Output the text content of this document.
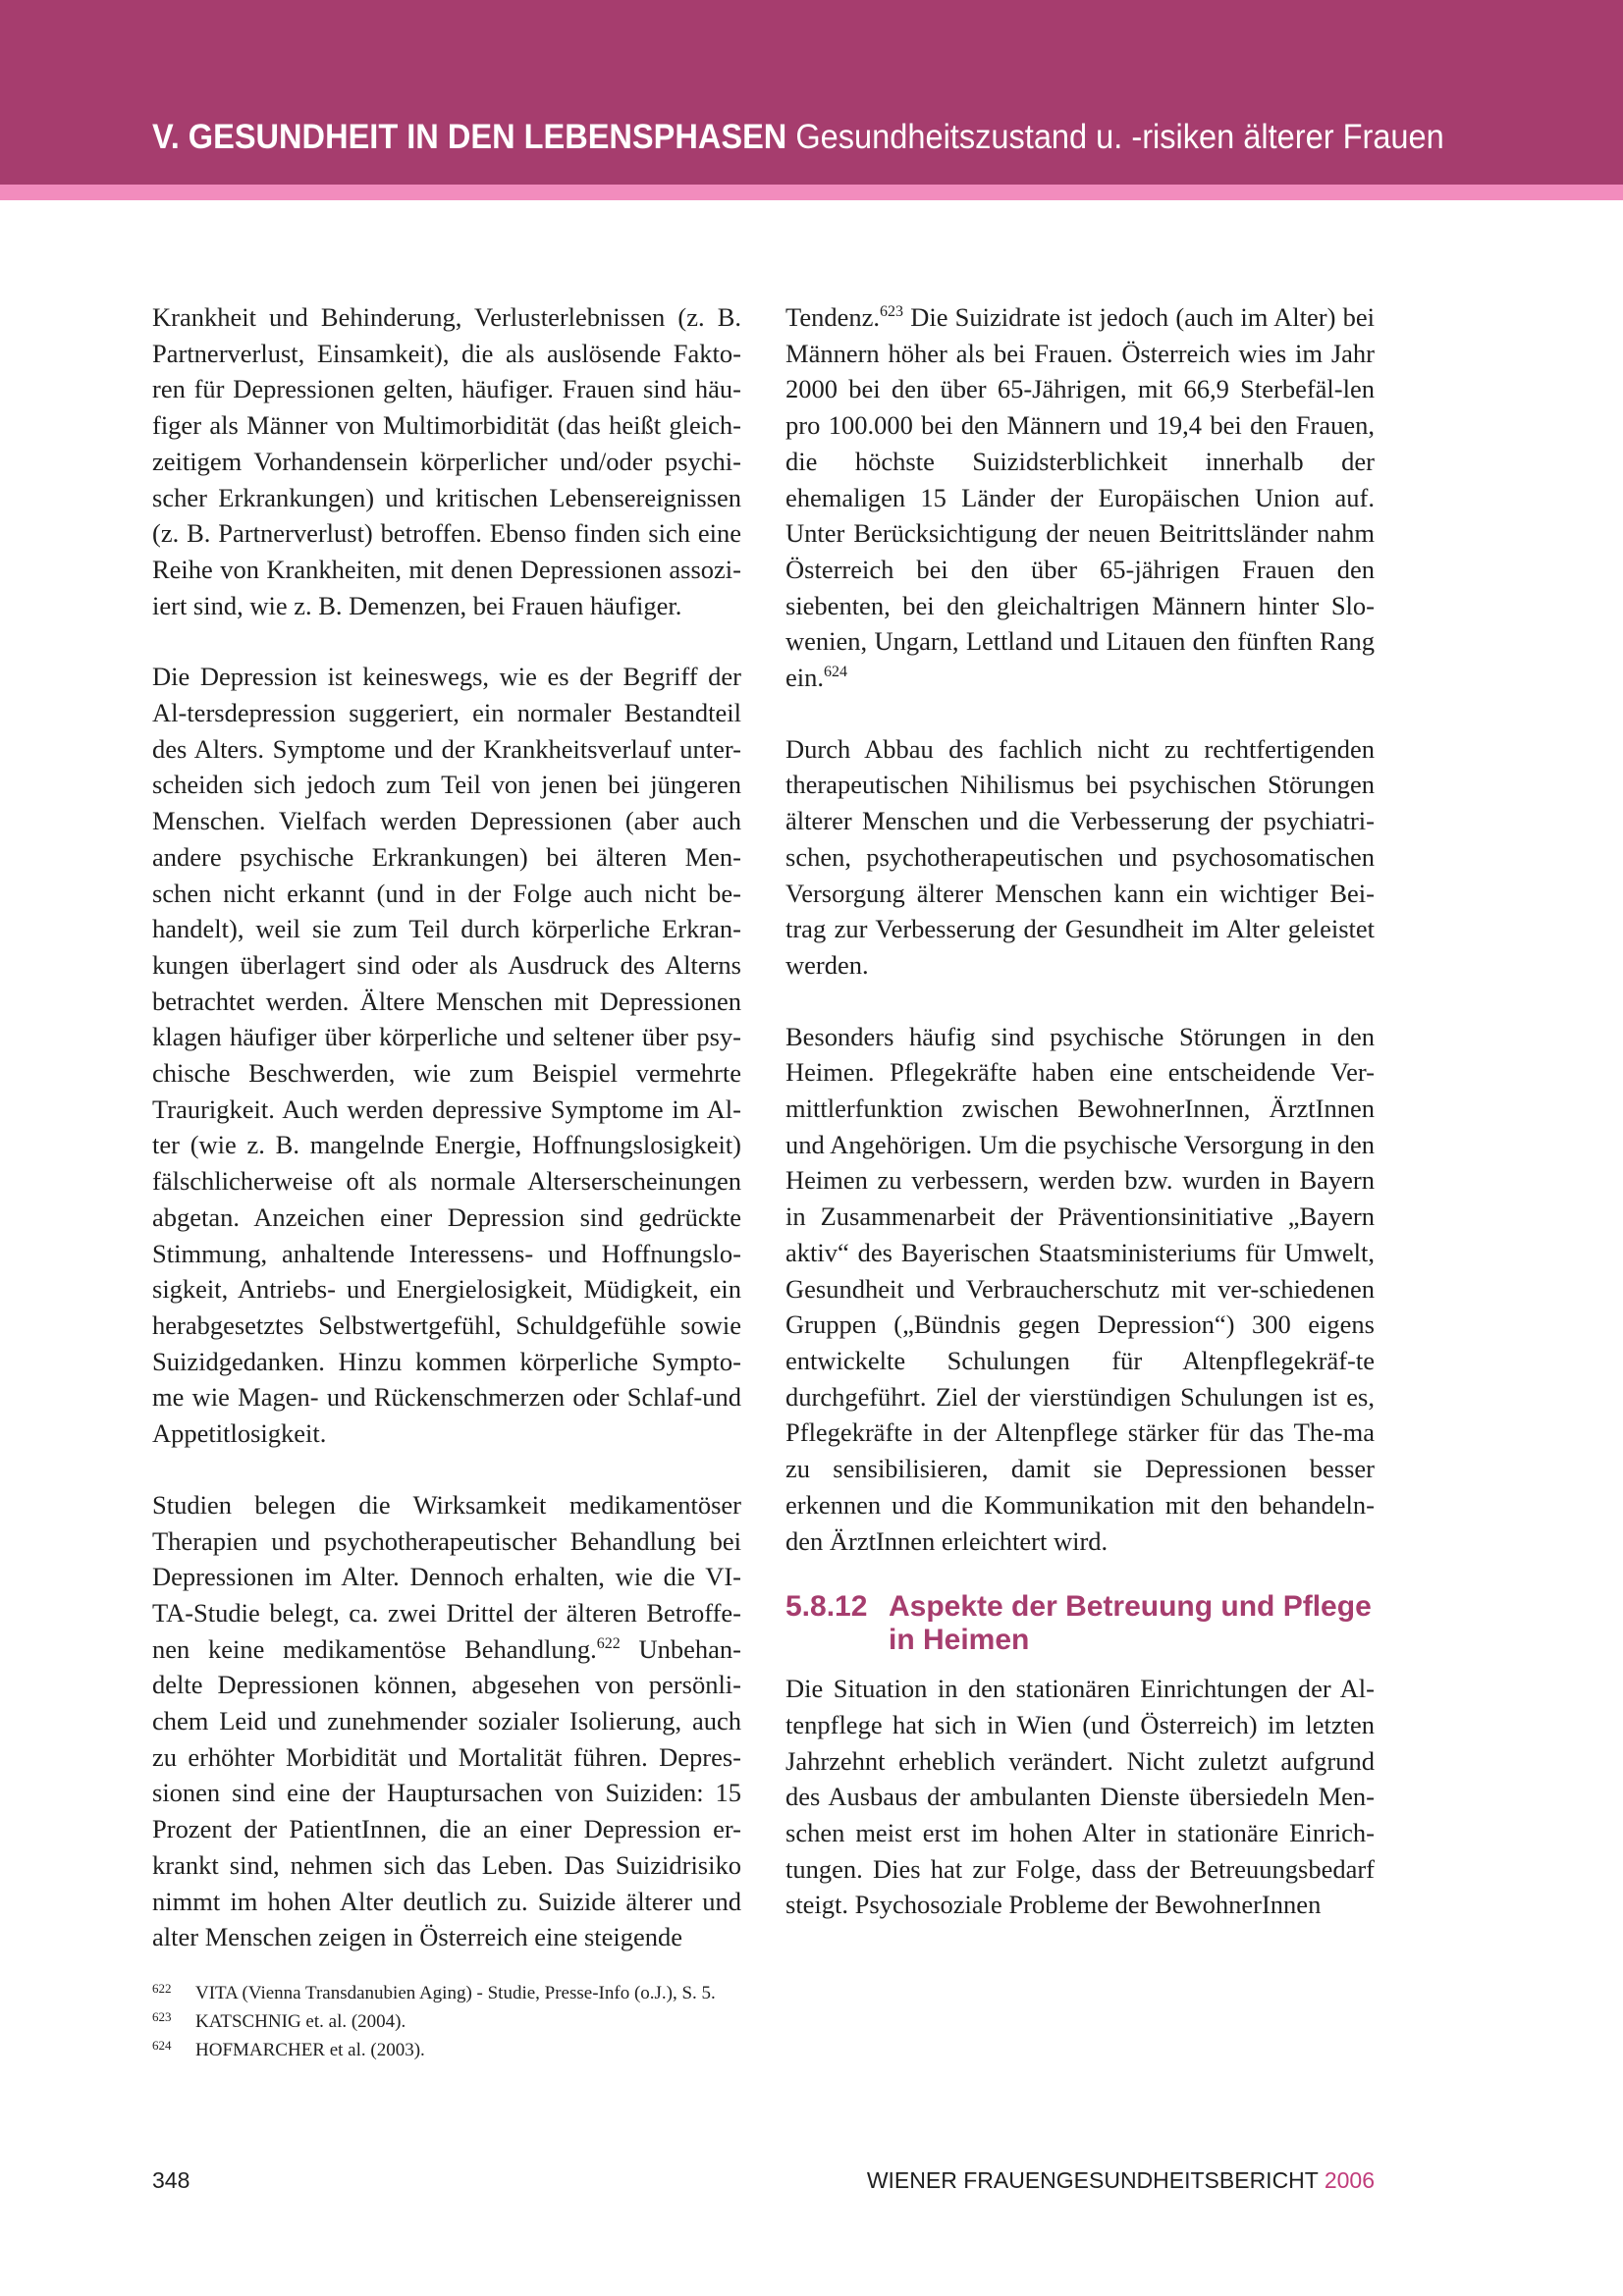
V. GESUNDHEIT IN DEN LEBENSPHASEN Gesundheitszustand u. -risiken älterer Frauen

Krankheit und Behinderung, Verlusterlebnissen (z. B. Partnerverlust, Einsamkeit), die als auslösende Fakto-ren für Depressionen gelten, häufiger. Frauen sind häu-figer als Männer von Multimorbidität (das heißt gleich-zeitigem Vorhandensein körperlicher und/oder psychi-scher Erkrankungen) und kritischen Lebensereignissen (z. B. Partnerverlust) betroffen. Ebenso finden sich eine Reihe von Krankheiten, mit denen Depressionen assozi-iert sind, wie z. B. Demenzen, bei Frauen häufiger.

Die Depression ist keineswegs, wie es der Begriff der Al-tersdepression suggeriert, ein normaler Bestandteil des Alters. Symptome und der Krankheitsverlauf unter-scheiden sich jedoch zum Teil von jenen bei jüngeren Menschen. Vielfach werden Depressionen (aber auch andere psychische Erkrankungen) bei älteren Men-schen nicht erkannt (und in der Folge auch nicht be-handelt), weil sie zum Teil durch körperliche Erkran-kungen überlagert sind oder als Ausdruck des Alterns betrachtet werden. Ältere Menschen mit Depressionen klagen häufiger über körperliche und seltener über psy-chische Beschwerden, wie zum Beispiel vermehrte Traurigkeit. Auch werden depressive Symptome im Al-ter (wie z. B. mangelnde Energie, Hoffnungslosigkeit) fälschlicherweise oft als normale Alterserscheinungen abgetan. Anzeichen einer Depression sind gedrückte Stimmung, anhaltende Interessens- und Hoffnungslo-sigkeit, Antriebs- und Energielosigkeit, Müdigkeit, ein herabgesetztes Selbstwertgefühl, Schuldgefühle sowie Suizidgedanken. Hinzu kommen körperliche Sympto-me wie Magen- und Rückenschmerzen oder Schlaf-und Appetitlosigkeit.

Studien belegen die Wirksamkeit medikamentöser Therapien und psychotherapeutischer Behandlung bei Depressionen im Alter. Dennoch erhalten, wie die VI-TA-Studie belegt, ca. zwei Drittel der älteren Betroffe-nen keine medikamentöse Behandlung.$^{622}$ Unbehan-delte Depressionen können, abgesehen von persönli-chem Leid und zunehmender sozialer Isolierung, auch zu erhöhter Morbidität und Mortalität führen. Depres-sionen sind eine der Hauptursachen von Suiziden: 15 Prozent der PatientInnen, die an einer Depression er-krankt sind, nehmen sich das Leben. Das Suizidrisiko nimmt im hohen Alter deutlich zu. Suizide älterer und alter Menschen zeigen in Österreich eine steigende

Tendenz.$^{623}$ Die Suizidrate ist jedoch (auch im Alter) bei Männern höher als bei Frauen. Österreich wies im Jahr 2000 bei den über 65-Jährigen, mit 66,9 Sterbefäl-len pro 100.000 bei den Männern und 19,4 bei den Frauen, die höchste Suizidsterblichkeit innerhalb der ehemaligen 15 Länder der Europäischen Union auf. Unter Berücksichtigung der neuen Beitrittsländer nahm Österreich bei den über 65-jährigen Frauen den siebenten, bei den gleichaltrigen Männern hinter Slo-wenien, Ungarn, Lettland und Litauen den fünften Rang ein.$^{624}$

Durch Abbau des fachlich nicht zu rechtfertigenden therapeutischen Nihilismus bei psychischen Störungen älterer Menschen und die Verbesserung der psychiatri-schen, psychotherapeutischen und psychosomatischen Versorgung älterer Menschen kann ein wichtiger Bei-trag zur Verbesserung der Gesundheit im Alter geleistet werden.

Besonders häufig sind psychische Störungen in den Heimen. Pflegekräfte haben eine entscheidende Ver-mittlerfunktion zwischen BewohnerInnen, ÄrztInnen und Angehörigen. Um die psychische Versorgung in den Heimen zu verbessern, werden bzw. wurden in Bayern in Zusammenarbeit der Präventionsinitiative „Bayern aktiv“ des Bayerischen Staatsministeriums für Umwelt, Gesundheit und Verbraucherschutz mit ver-schiedenen Gruppen („Bündnis gegen Depression“) 300 eigens entwickelte Schulungen für Altenpflegekräf-te durchgeführt. Ziel der vierstündigen Schulungen ist es, Pflegekräfte in der Altenpflege stärker für das The-ma zu sensibilisieren, damit sie Depressionen besser erkennen und die Kommunikation mit den behandeln-den ÄrztInnen erleichtert wird.

5.8.12 Aspekte der Betreuung und Pflege in Heimen

Die Situation in den stationären Einrichtungen der Al-tenpflege hat sich in Wien (und Österreich) im letzten Jahrzehnt erheblich verändert. Nicht zuletzt aufgrund des Ausbaus der ambulanten Dienste übersiedeln Men-schen meist erst im hohen Alter in stationäre Einrich-tungen. Dies hat zur Folge, dass der Betreuungsbedarf steigt. Psychosoziale Probleme der BewohnerInnen

622	VITA (Vienna Transdanubien Aging) - Studie, Presse-Info (o.J.), S. 5.
623	KATSCHNIG et. al. (2004).
624	HOFMARCHER et al. (2003).
348	WIENER FRAUENGESUNDHEITSBERICHT 2006
